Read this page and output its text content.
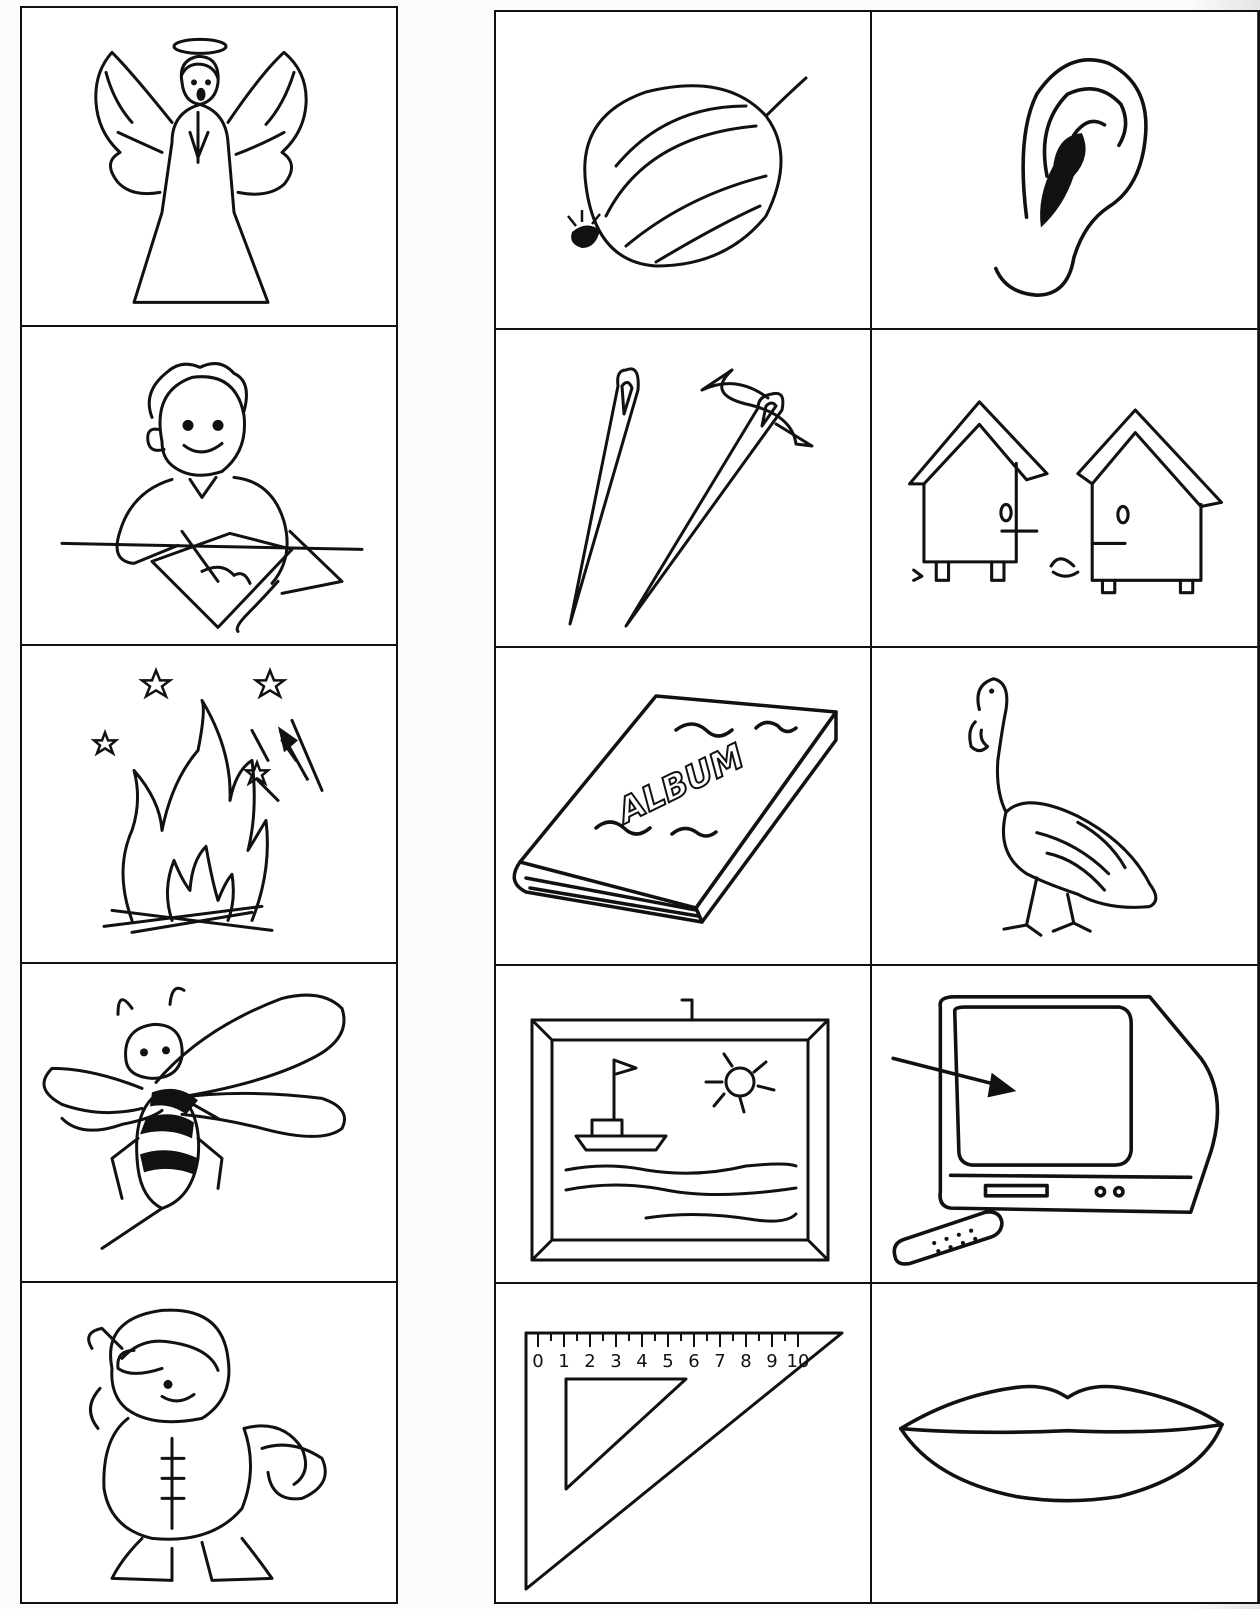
ALBUM
0 1 2 3 4 5 6 7 8 9 10
